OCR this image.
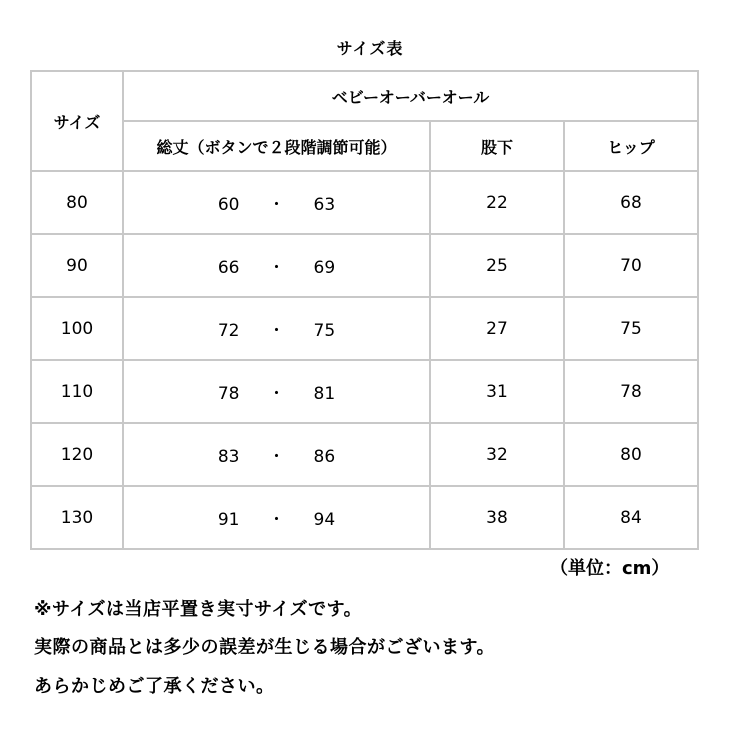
サイズ表
サイズ	ベビーオーバーオール		
	総丈（ボタンで２段階調節可能）	股下	ヒップ
80	60 ・ 63	22	68
90	66 ・ 69	25	70
100	72 ・ 75	27	75
110	78 ・ 81	31	78
120	83 ・ 86	32	80
130	91 ・ 94	38	84
（単位：cm）
※サイズは当店平置き実寸サイズです。
実際の商品とは多少の誤差が生じる場合がございます。
あらかじめご了承ください。
